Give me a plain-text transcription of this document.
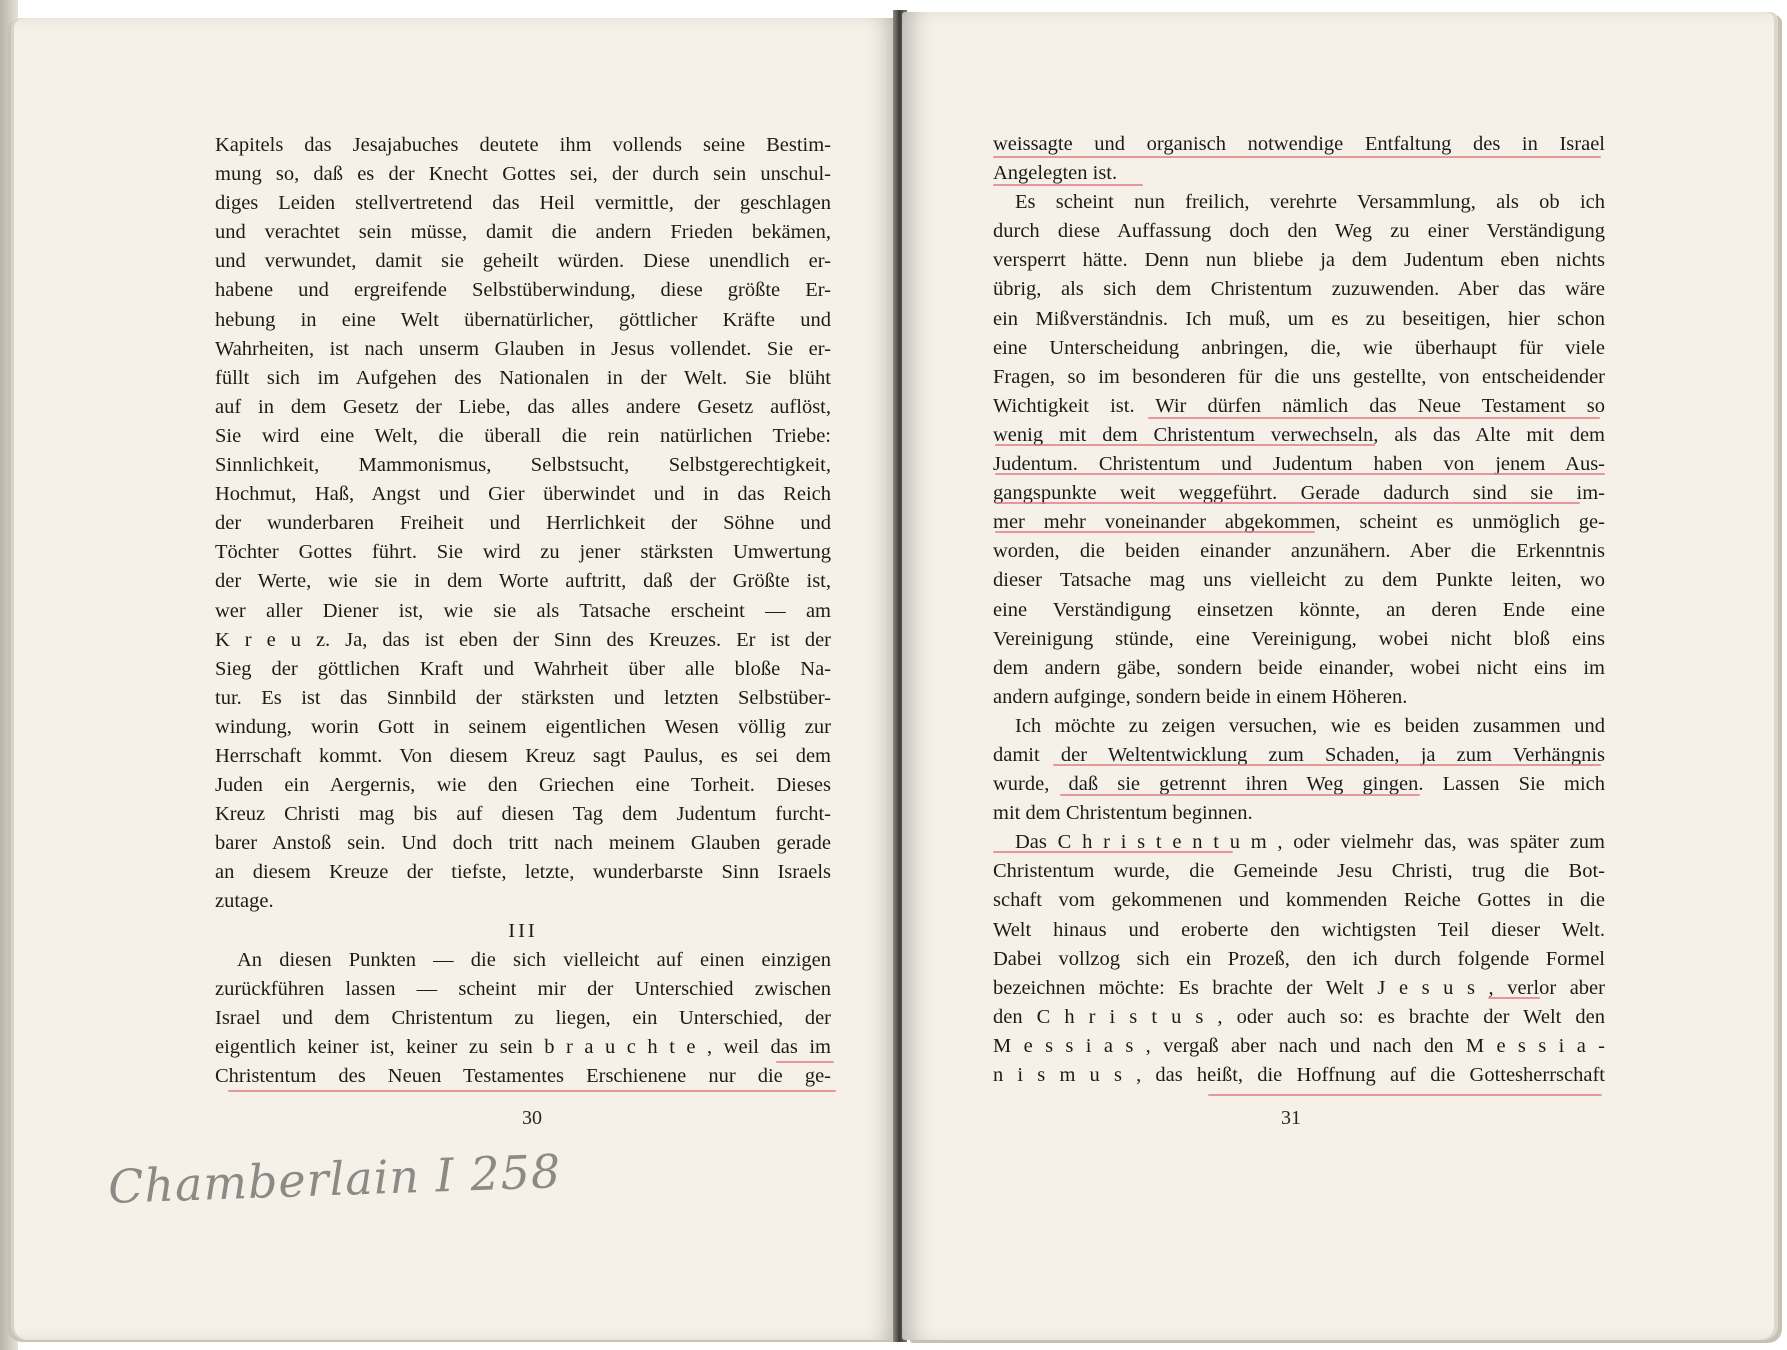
Kapitels das Jesajabuches deutete ihm vollends seine Bestim-
mung so, daß es der Knecht Gottes sei, der durch sein unschul-
diges Leiden stellvertretend das Heil vermittle, der geschlagen
und verachtet sein müsse, damit die andern Frieden bekämen,
und verwundet, damit sie geheilt würden. Diese unendlich er-
habene und ergreifende Selbstüberwindung, diese größte Er-
hebung in eine Welt übernatürlicher, göttlicher Kräfte und
Wahrheiten, ist nach unserm Glauben in Jesus vollendet. Sie er-
füllt sich im Aufgehen des Nationalen in der Welt. Sie blüht
auf in dem Gesetz der Liebe, das alles andere Gesetz auflöst,
Sie wird eine Welt, die überall die rein natürlichen Triebe:
Sinnlichkeit, Mammonismus, Selbstsucht, Selbstgerechtigkeit,
Hochmut, Haß, Angst und Gier überwindet und in das Reich
der wunderbaren Freiheit und Herrlichkeit der Söhne und
Töchter Gottes führt. Sie wird zu jener stärksten Umwertung
der Werte, wie sie in dem Worte auftritt, daß der Größte ist,
wer aller Diener ist, wie sie als Tatsache erscheint — am
K r e u z. Ja, das ist eben der Sinn des Kreuzes. Er ist der
Sieg der göttlichen Kraft und Wahrheit über alle bloße Na-
tur. Es ist das Sinnbild der stärksten und letzten Selbstüber-
windung, worin Gott in seinem eigentlichen Wesen völlig zur
Herrschaft kommt. Von diesem Kreuz sagt Paulus, es sei dem
Juden ein Aergernis, wie den Griechen eine Torheit. Dieses
Kreuz Christi mag bis auf diesen Tag dem Judentum furcht-
barer Anstoß sein. Und doch tritt nach meinem Glauben gerade
an diesem Kreuze der tiefste, letzte, wunderbarste Sinn Israels
zutage.
III
An diesen Punkten — die sich vielleicht auf einen einzigen
zurückführen lassen — scheint mir der Unterschied zwischen
Israel und dem Christentum zu liegen, ein Unterschied, der
eigentlich keiner ist, keiner zu sein b r a u c h t e , weil das im
Christentum des Neuen Testamentes Erschienene nur die ge-
weissagte und organisch notwendige Entfaltung des in Israel
Angelegten ist.
Es scheint nun freilich, verehrte Versammlung, als ob ich
durch diese Auffassung doch den Weg zu einer Verständigung
versperrt hätte. Denn nun bliebe ja dem Judentum eben nichts
übrig, als sich dem Christentum zuzuwenden. Aber das wäre
ein Mißverständnis. Ich muß, um es zu beseitigen, hier schon
eine Unterscheidung anbringen, die, wie überhaupt für viele
Fragen, so im besonderen für die uns gestellte, von entscheidender
Wichtigkeit ist. Wir dürfen nämlich das Neue Testament so
wenig mit dem Christentum verwechseln, als das Alte mit dem
Judentum. Christentum und Judentum haben von jenem Aus-
gangspunkte weit weggeführt. Gerade dadurch sind sie im-
mer mehr voneinander abgekommen, scheint es unmöglich ge-
worden, die beiden einander anzunähern. Aber die Erkenntnis
dieser Tatsache mag uns vielleicht zu dem Punkte leiten, wo
eine Verständigung einsetzen könnte, an deren Ende eine
Vereinigung stünde, eine Vereinigung, wobei nicht bloß eins
dem andern gäbe, sondern beide einander, wobei nicht eins im
andern aufginge, sondern beide in einem Höheren.
Ich möchte zu zeigen versuchen, wie es beiden zusammen und
damit der Weltentwicklung zum Schaden, ja zum Verhängnis
wurde, daß sie getrennt ihren Weg gingen. Lassen Sie mich
mit dem Christentum beginnen.
Das C h r i s t e n t u m , oder vielmehr das, was später zum
Christentum wurde, die Gemeinde Jesu Christi, trug die Bot-
schaft vom gekommenen und kommenden Reiche Gottes in die
Welt hinaus und eroberte den wichtigsten Teil dieser Welt.
Dabei vollzog sich ein Prozeß, den ich durch folgende Formel
bezeichnen möchte: Es brachte der Welt J e s u s , verlor aber
den C h r i s t u s , oder auch so: es brachte der Welt den
M e s s i a s , vergaß aber nach und nach den M e s s i a -
n i s m u s , das heißt, die Hoffnung auf die Gottesherrschaft
30	31
Chamberlain I 258
